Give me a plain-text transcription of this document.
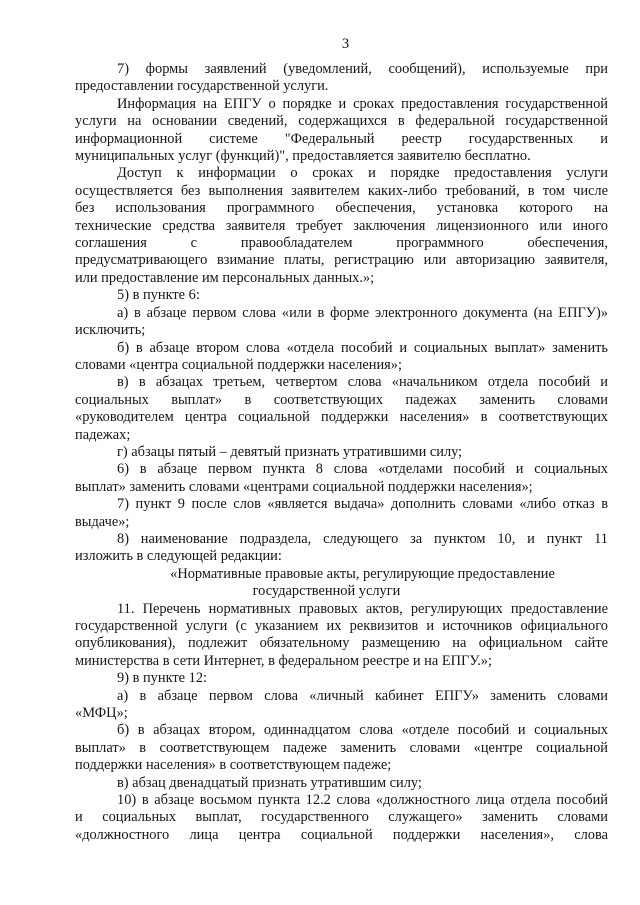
3
7) формы заявлений (уведомлений, сообщений), используемые при
предоставлении государственной услуги.
Информация на ЕПГУ о порядке и сроках предоставления государственной
услуги на основании сведений, содержащихся в федеральной государственной
информационной системе "Федеральный реестр государственных и
муниципальных услуг (функций)", предоставляется заявителю бесплатно.
Доступ к информации о сроках и порядке предоставления услуги
осуществляется без выполнения заявителем каких-либо требований, в том числе
без использования программного обеспечения, установка которого на
технические средства заявителя требует заключения лицензионного или иного
соглашения с правообладателем программного обеспечения,
предусматривающего взимание платы, регистрацию или авторизацию заявителя,
или предоставление им персональных данных.»;
5) в пункте 6:
а) в абзаце первом слова «или в форме электронного документа (на ЕПГУ)»
исключить;
б) в абзаце втором слова «отдела пособий и социальных выплат» заменить
словами «центра социальной поддержки населения»;
в) в абзацах третьем, четвертом слова «начальником отдела пособий и
социальных выплат» в соответствующих падежах заменить словами
«руководителем центра социальной поддержки населения» в соответствующих
падежах;
г) абзацы пятый – девятый признать утратившими силу;
6) в абзаце первом пункта 8 слова «отделами пособий и социальных
выплат» заменить словами «центрами социальной поддержки населения»;
7) пункт 9 после слов «является выдача» дополнить словами «либо отказ в
выдаче»;
8) наименование подраздела, следующего за пунктом 10, и пункт 11
изложить в следующей редакции:
«Нормативные правовые акты, регулирующие предоставление
государственной услуги
11. Перечень нормативных правовых актов, регулирующих предоставление
государственной услуги (с указанием их реквизитов и источников официального
опубликования), подлежит обязательному размещению на официальном сайте
министерства в сети Интернет, в федеральном реестре и на ЕПГУ.»;
9) в пункте 12:
а) в абзаце первом слова «личный кабинет ЕПГУ» заменить словами
«МФЦ»;
б) в абзацах втором, одиннадцатом слова «отделе пособий и социальных
выплат» в соответствующем падеже заменить словами «центре социальной
поддержки населения» в соответствующем падеже;
в) абзац двенадцатый признать утратившим силу;
10) в абзаце восьмом пункта 12.2 слова «должностного лица отдела пособий
и социальных выплат, государственного служащего» заменить словами
«должностного лица центра социальной поддержки населения», слова
